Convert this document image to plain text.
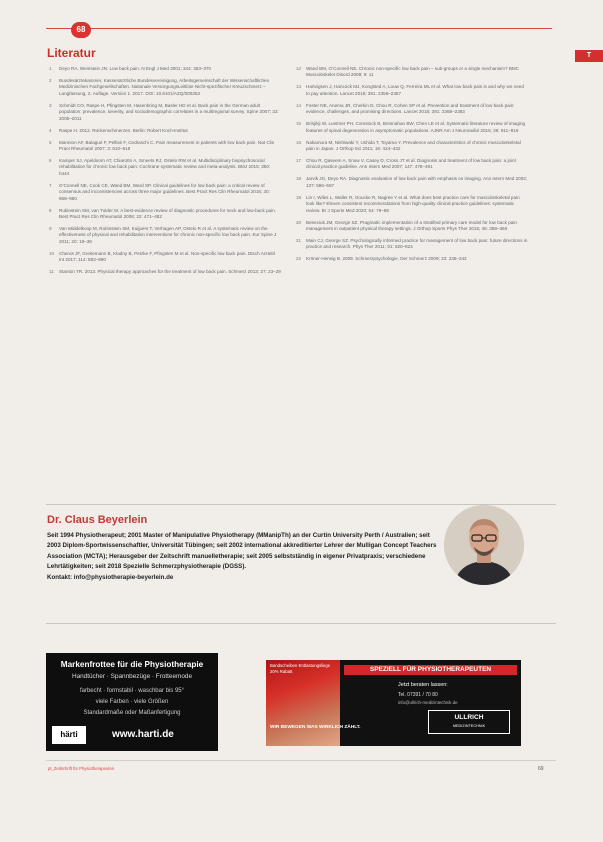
68
T
Literatur
1	Deyo RA, Weinstein JN. Low back pain. N Engl J Med 2001; 344: 363–370
2	Bundesärztekammer, Kassenärztliche Bundesvereinigung, Arbeitsgemeinschaft der Wissenschaftlichen Medizinischen Fachgesellschaften. Nationale VersorgungsLeitlinie Nicht-spezifischer Kreuzschmerz – Langfassung, 2. Auflage. Version 1. 2017. DOI: 10.6101/AZQ/000353
3	Schmidt CO, Raspe H, Pfingsten M, Hasenbring M, Basler HD et al. Back pain in the German adult population: prevalence, severity, and sociodemographic correlates in a multiregional survey. Spine 2007; 32: 2005–2011
4	Raspe H. 2012. Rückenschmerzen. Berlin: Robert Koch-Institut
5	Mannion AF, Balagué F, Pellisé F, Cedraschi C. Pain measurement in patients with low back pain. Nat Clin Pract Rheumatol 2007; 3: 610–618
6	Kamper SJ, Apeldoorn AT, Chiarotto A, Smeets RJ, Ostelo RW et al. Multidisciplinary biopsychosocial rehabilitation for chronic low back pain: Cochrane systematic review and meta-analysis. BMJ 2015; 350: h444
7	O’Connell NE, Cook CE, Wand BM, Ward SP. Clinical guidelines for low back pain: a critical review of consensus and inconsistencies across three major guidelines. Best Pract Res Clin Rheumatol 2016; 30: 968–980
8	Rubinstein SM, van Tulder M. A best-evidence review of diagnostic procedures for neck and low-back pain. Best Pract Res Clin Rheumatol 2008; 22: 471–482
9	Van Middelkoop M, Rubinstein SM, Kuijpers T, Verhagen AP, Ostelo R et al. A systematic review on the effectiveness of physical and rehabilitation interventions for chronic non-specific low back pain. Eur Spine J 2011; 20: 19–39
10	Chenot JF, Greitemann B, Kladny B, Petzke F, Pfingsten M et al. Non-specific low back pain. Dtsch Arztebl Int 2017; 114: 883–890
11	Stanton TR. 2013. Physical therapy approaches for the treatment of low back pain. Schmerz 2013; 27: 23–29
12	Wand BM, O’Connell NE. Chronic non-specific low back pain – sub-groups or a single mechanism? BMC Musculoskelet Disord 2008; 9: 11
13	Hartvigsen J, Hancock MJ, Kongsted A, Louw Q, Ferreira ML et al. What low back pain is and why we need to pay attention. Lancet 2018; 391: 2356–2367
14	Foster NE, Anema JR, Cherkin D, Chou R, Cohen SP et al. Prevention and treatment of low back pain: evidence, challenges, and promising directions. Lancet 2018; 391: 2368–2383
15	Brinjikji W, Luetmer PH, Comstock B, Bresnahan BW, Chen LE et al. Systematic literature review of imaging features of spinal degeneration in asymptomatic populations. AJNR Am J Neuroradiol 2015; 36: 811–816
16	Nakamura M, Nishiwaki Y, Ushida T, Toyama Y. Prevalence and characteristics of chronic musculoskeletal pain in Japan. J Orthop Sci 2011; 16: 424–432
17	Chou R, Qaseem A, Snow V, Casey D, Cross JT et al. Diagnosis and treatment of low back pain: a joint clinical practice guideline. Ann Intern Med 2007; 147: 478–491
18	Jarvik JG, Deyo RA. Diagnostic evaluation of low back pain with emphasis on imaging. Ann Intern Med 2002; 137: 586–597
19	Lin I, Wiles L, Waller R, Goucke R, Nagree Y et al. What does best practice care for musculoskeletal pain look like? Eleven consistent recommendations from high-quality clinical practice guidelines: systematic review. Br J Sports Med 2020; 54: 79–86
20	Beneciuk JM, George SZ. Pragmatic implementation of a stratified primary care model for low back pain management in outpatient physical therapy settings. J Orthop Sports Phys Ther 2015; 45: 358–366
21	Main CJ, George SZ. Psychologically informed practice for management of low back pain: future directions in practice and research. Phys Ther 2011; 91: 820–824
22	Kröner-Herwig B. 2009. Schmerzpsychologie. Der Schmerz 2009; 23: 236–243
Dr. Claus Beyerlein
Seit 1994 Physiotherapeut; 2001 Master of Manipulative Physiotherapy (MManipTh) an der Curtin University Perth / Australien; seit 2003 Diplom-Sportwissenschaftler, Universität Tübingen; seit 2002 international akkreditierter Lehrer der Mulligan Concept Teachers Association (MCTA); Herausgeber der Zeitschrift manuelletherapie; seit 2005 selbstständig in eigener Privatpraxis; verschiedene Lehrtätigkeiten; seit 2018 Spezielle Schmerzphysiotherapie (DGSS).
Kontakt: info@physiotherapie-beyerlein.de
Markenfrottee für die Physiotherapie
Handtücher · Spannbezüge · Frotteemode
farbecht · formstabil · waschbar bis 95°
viele Farben · viele Größen
Standardmaße oder Maßanfertigung
härti	www.harti.de
Bandscheiben-Entlastungsliege 20% Rabatt
WIR BEWEGEN WAS WIRKLICH ZÄHLT.
SPEZIELL FÜR PHYSIOTHERAPEUTEN
Jetzt beraten lassen:
Tel. 07391 / 70 80
info@ullrich-medizintechnik.de
ULLRICH
MEDIZINTECHNIK
pt_Zeitschrift für Physiotherapeuten	69
